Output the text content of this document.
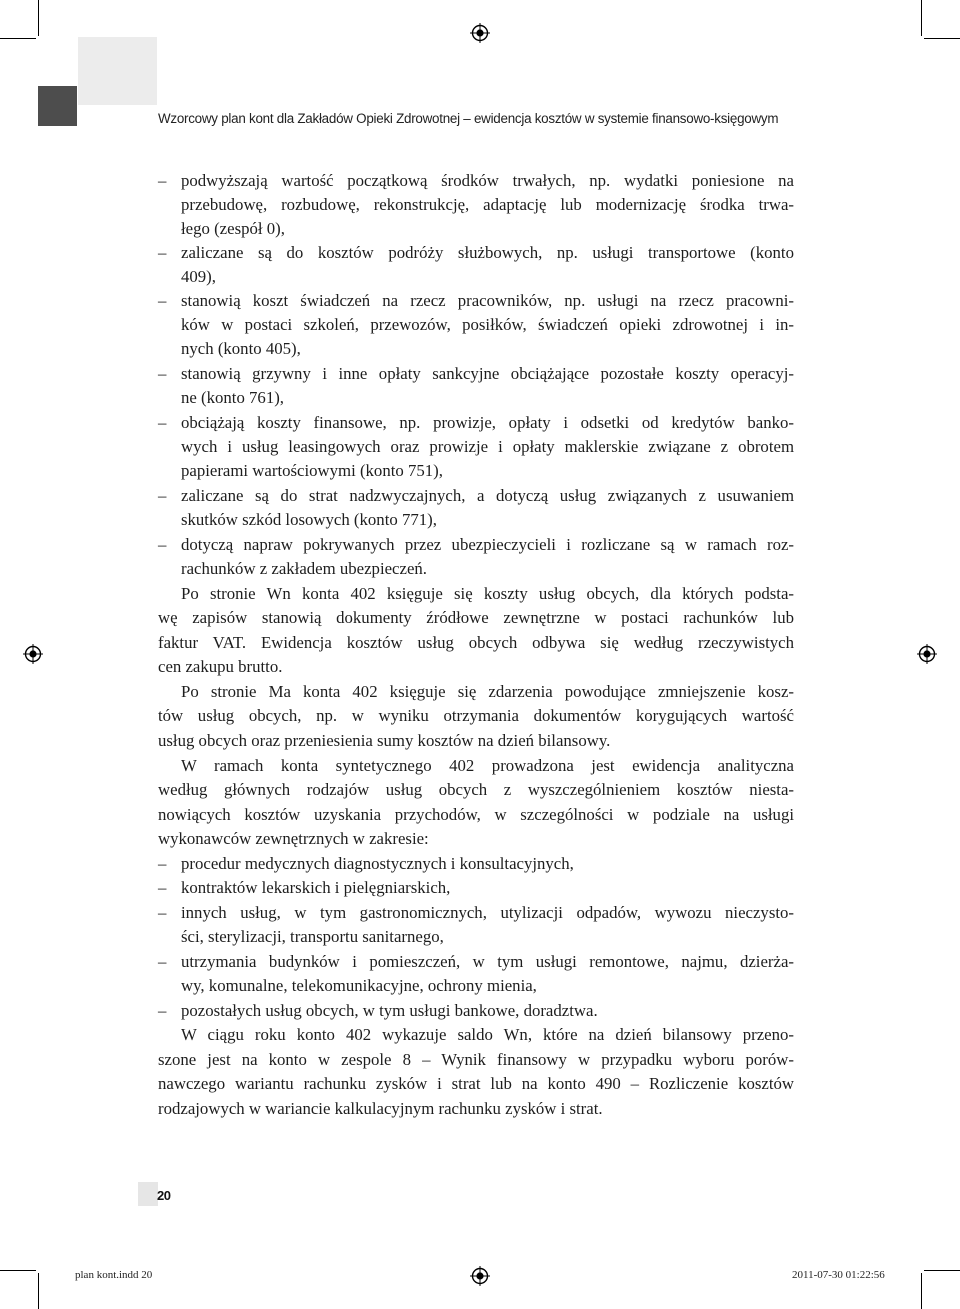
Wzorcowy plan kont dla Zakładów Opieki Zdrowotnej – ewidencja kosztów w systemie finansowo-księgowym
– podwyższają wartość początkową środków trwałych, np. wydatki poniesione na
przebudowę, rozbudowę, rekonstrukcję, adaptację lub modernizację środka trwa-
łego (zespół 0),
– zaliczane są do kosztów podróży służbowych, np. usługi transportowe (konto
409),
– stanowią koszt świadczeń na rzecz pracowników, np. usługi na rzecz pracowni-
ków w postaci szkoleń, przewozów, posiłków, świadczeń opieki zdrowotnej i in-
nych (konto 405),
– stanowią grzywny i inne opłaty sankcyjne obciążające pozostałe koszty operacyj-
ne (konto 761),
– obciążają koszty finansowe, np. prowizje, opłaty i odsetki od kredytów banko-
wych i usług leasingowych oraz prowizje i opłaty maklerskie związane z obrotem
papierami wartościowymi (konto 751),
– zaliczane są do strat nadzwyczajnych, a dotyczą usług związanych z usuwaniem
skutków szkód losowych (konto 771),
– dotyczą napraw pokrywanych przez ubezpieczycieli i rozliczane są w ramach roz-
rachunków z zakładem ubezpieczeń.
Po stronie Wn konta 402 księguje się koszty usług obcych, dla których podsta-
wę zapisów stanowią dokumenty źródłowe zewnętrzne w postaci rachunków lub
faktur VAT. Ewidencja kosztów usług obcych odbywa się według rzeczywistych
cen zakupu brutto.
Po stronie Ma konta 402 księguje się zdarzenia powodujące zmniejszenie kosz-
tów usług obcych, np. w wyniku otrzymania dokumentów korygujących wartość
usług obcych oraz przeniesienia sumy kosztów na dzień bilansowy.
W ramach konta syntetycznego 402 prowadzona jest ewidencja analityczna
według głównych rodzajów usług obcych z wyszczególnieniem kosztów niesta-
nowiących kosztów uzyskania przychodów, w szczególności w podziale na usługi
wykonawców zewnętrznych w zakresie:
– procedur medycznych diagnostycznych i konsultacyjnych,
– kontraktów lekarskich i pielęgniarskich,
– innych usług, w tym gastronomicznych, utylizacji odpadów, wywozu nieczysto-
ści, sterylizacji, transportu sanitarnego,
– utrzymania budynków i pomieszczeń, w tym usługi remontowe, najmu, dzierża-
wy, komunalne, telekomunikacyjne, ochrony mienia,
– pozostałych usług obcych, w tym usługi bankowe, doradztwa.
W ciągu roku konto 402 wykazuje saldo Wn, które na dzień bilansowy przeno-
szone jest na konto w zespole 8 – Wynik finansowy w przypadku wyboru porów-
nawczego wariantu rachunku zysków i strat lub na konto 490 – Rozliczenie kosztów
rodzajowych w wariancie kalkulacyjnym rachunku zysków i strat.
20
plan kont.indd 20	2011-07-30 01:22:56
